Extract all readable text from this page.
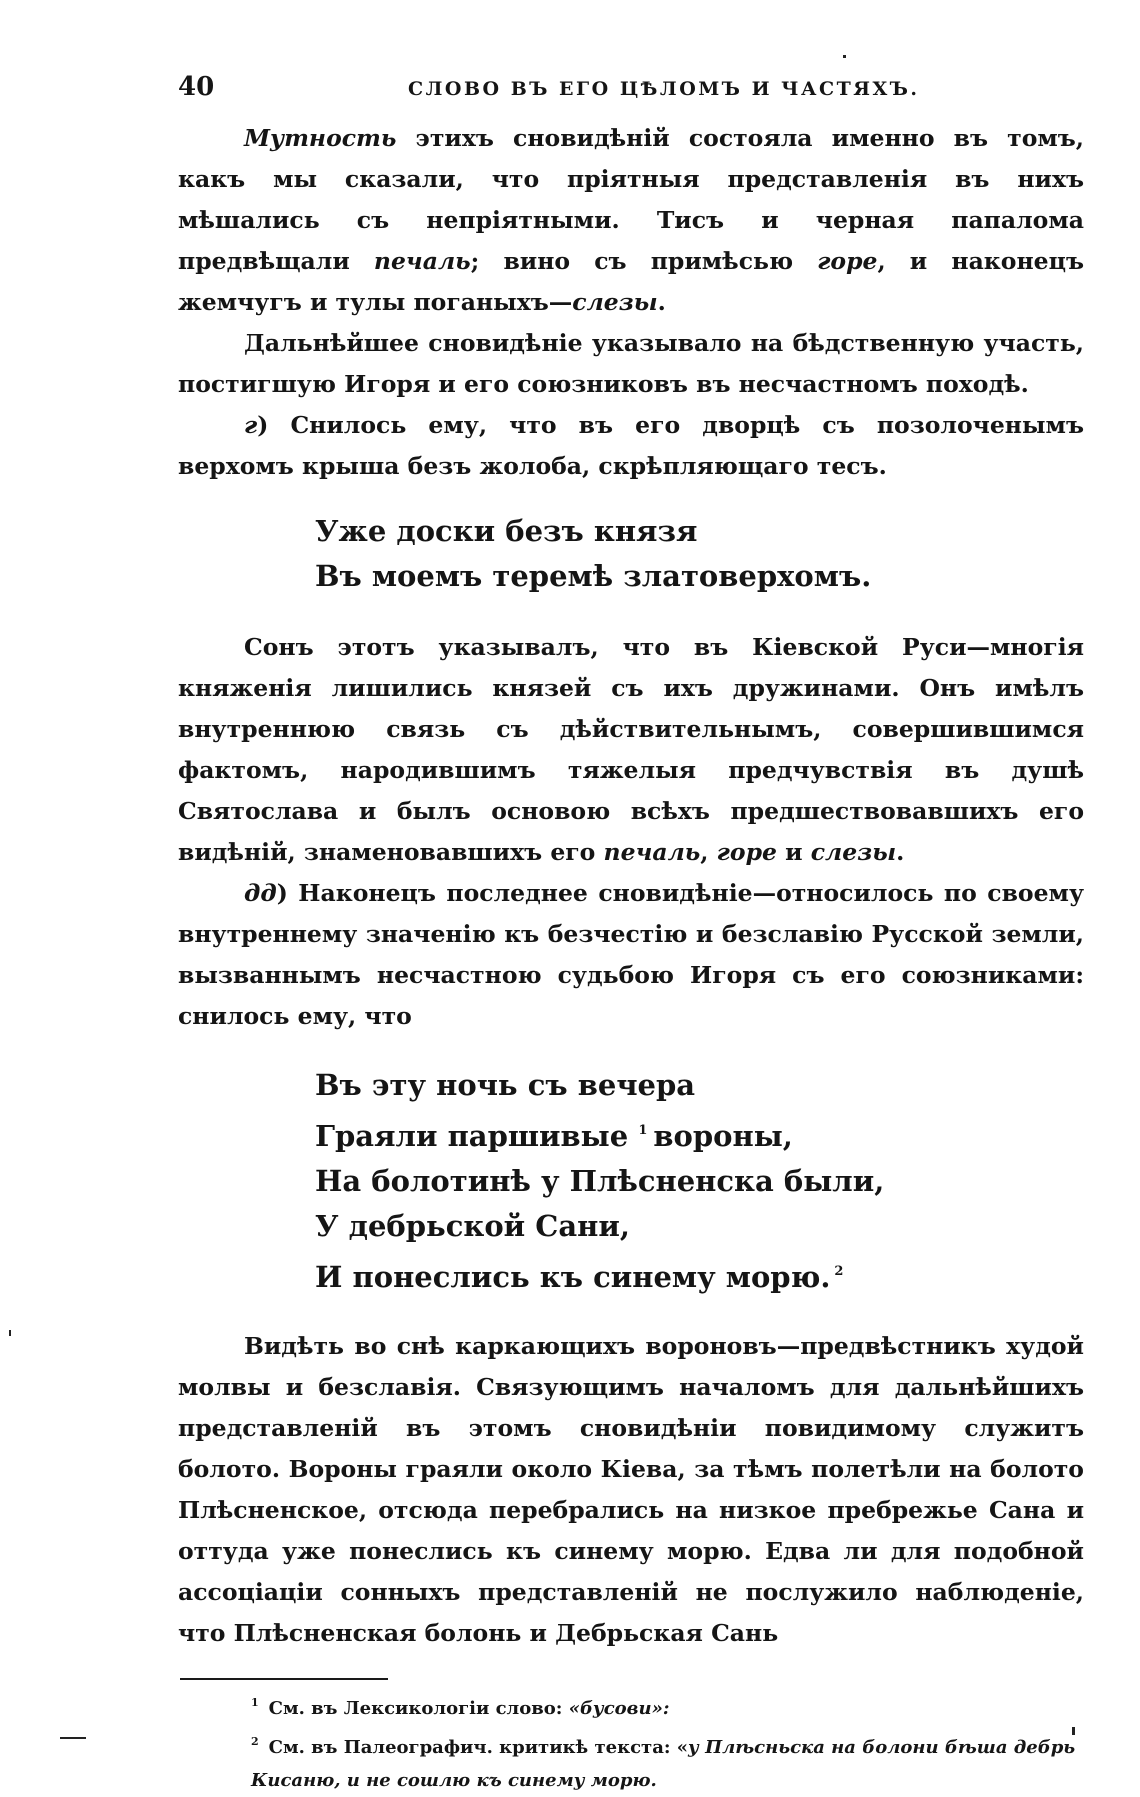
40	СЛОВО ВЪ ЕГО ЦѢЛОМЪ И ЧАСТЯХЪ.

Мутность этихъ сновидѣній состояла именно въ томъ, какъ мы сказали, что пріятныя представленія въ нихъ мѣшались съ непріятными. Тисъ и черная папалома предвѣщали печаль; вино съ примѣсью горе, и наконецъ жемчугъ и тулы поганыхъ—слезы.

Дальнѣйшее сновидѣніе указывало на бѣдственную участь, постигшую Игоря и его союзниковъ въ несчастномъ походѣ.

г) Снилось ему, что въ его дворцѣ съ позолоченымъ верхомъ крыша безъ жолоба, скрѣпляющаго тесъ.

Уже доски безъ князя
Въ моемъ теремѣ златоверхомъ.

Сонъ этотъ указывалъ, что въ Кіевской Руси—многія княженія лишились князей съ ихъ дружинами. Онъ имѣлъ внутреннюю связь съ дѣйствительнымъ, совершившимся фактомъ, народившимъ тяжелыя предчувствія въ душѣ Святослава и былъ основою всѣхъ предшествовавшихъ его видѣній, знаменовавшихъ его печаль, горе и слезы.

дд) Наконецъ последнее сновидѣніе—относилось по своему внутреннему значенію къ безчестію и безславію Русской земли, вызваннымъ несчастною судьбою Игоря съ его союзниками: снилось ему, что

Въ эту ночь съ вечера
Граяли паршивые $^1$ вороны,
На болотинѣ у Плѣсненска были,
У дебрьской Сани,
И понеслись къ синему морю. $^2$

Видѣть во снѣ каркающихъ вороновъ—предвѣстникъ худой молвы и безславія. Связующимъ началомъ для дальнѣйшихъ представленій въ этомъ сновидѣніи повидимому служитъ болото. Вороны граяли около Кіева, за тѣмъ полетѣли на болото Плѣсненское, отсюда перебрались на низкое пребрежье Сана и оттуда уже понеслись къ синему морю. Едва ли для подобной ассоціаціи сонныхъ представленій не послужило наблюденіе, что Плѣсненская болонь и Дебрьская Сань

$^1$ См. въ Лексикологіи слово: «бусови»:

$^2$ См. въ Палеографич. критикѣ текста: «у Плѣсньска на болони бѣша дебрь Кисаню, и не сошлю къ синему морю.
